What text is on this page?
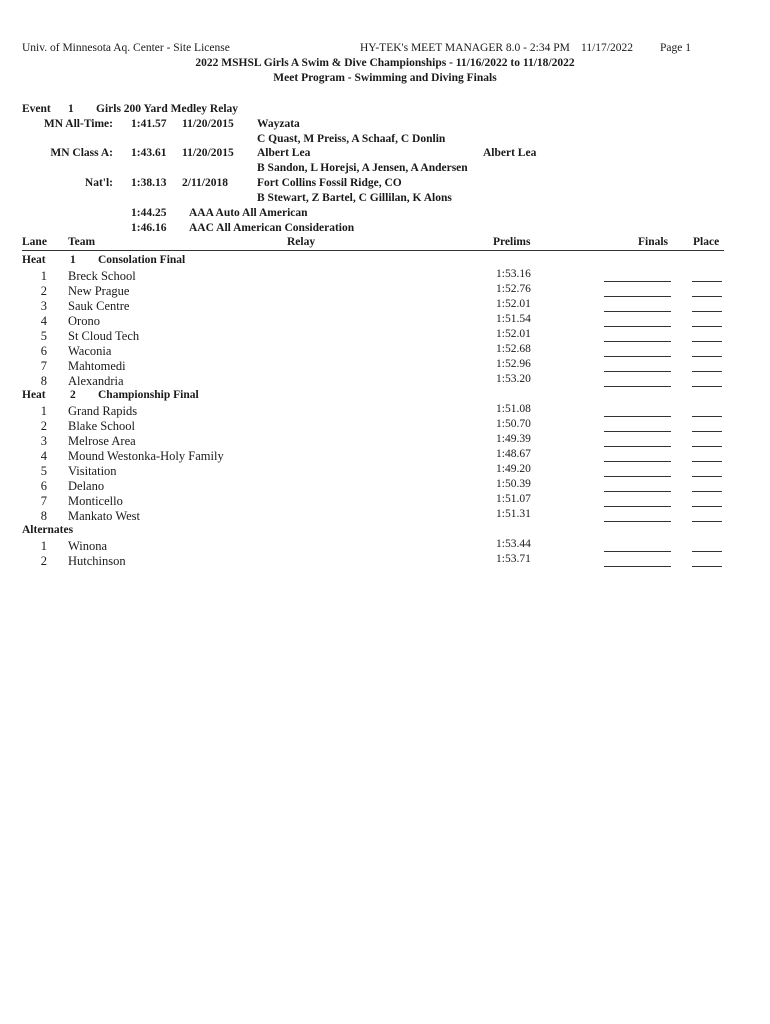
Univ. of Minnesota Aq. Center - Site License	HY-TEK's MEET MANAGER 8.0 - 2:34 PM 11/17/2022 Page 1
2022 MSHSL Girls A Swim & Dive Championships - 11/16/2022 to 11/18/2022
Meet Program - Swimming and Diving Finals
Event 1 Girls 200 Yard Medley Relay
MN All-Time: 1:41.57 11/20/2015 Wayzata
C Quast, M Preiss, A Schaaf, C Donlin
MN Class A: 1:43.61 11/20/2015 Albert Lea	Albert Lea
B Sandon, L Horejsi, A Jensen, A Andersen
Nat'l: 1:38.13 2/11/2018	Fort Collins Fossil Ridge, CO
B Stewart, Z Bartel, C Gillilan, K Alons
1:44.25 AAA Auto All American
1:46.16 AAC All American Consideration
Lane Team	Relay	Prelims	Finals Place
Heat 1 Consolation Final
1 Breck School	1:53.16
2 New Prague	1:52.76
3 Sauk Centre	1:52.01
4 Orono	1:51.54
5 St Cloud Tech	1:52.01
6 Waconia	1:52.68
7 Mahtomedi	1:52.96
8 Alexandria	1:53.20
Heat 2 Championship Final
1 Grand Rapids	1:51.08
2 Blake School	1:50.70
3 Melrose Area	1:49.39
4 Mound Westonka-Holy Family	1:48.67
5 Visitation	1:49.20
6 Delano	1:50.39
7 Monticello	1:51.07
8 Mankato West	1:51.31
Alternates
1 Winona	1:53.44
2 Hutchinson	1:53.71
